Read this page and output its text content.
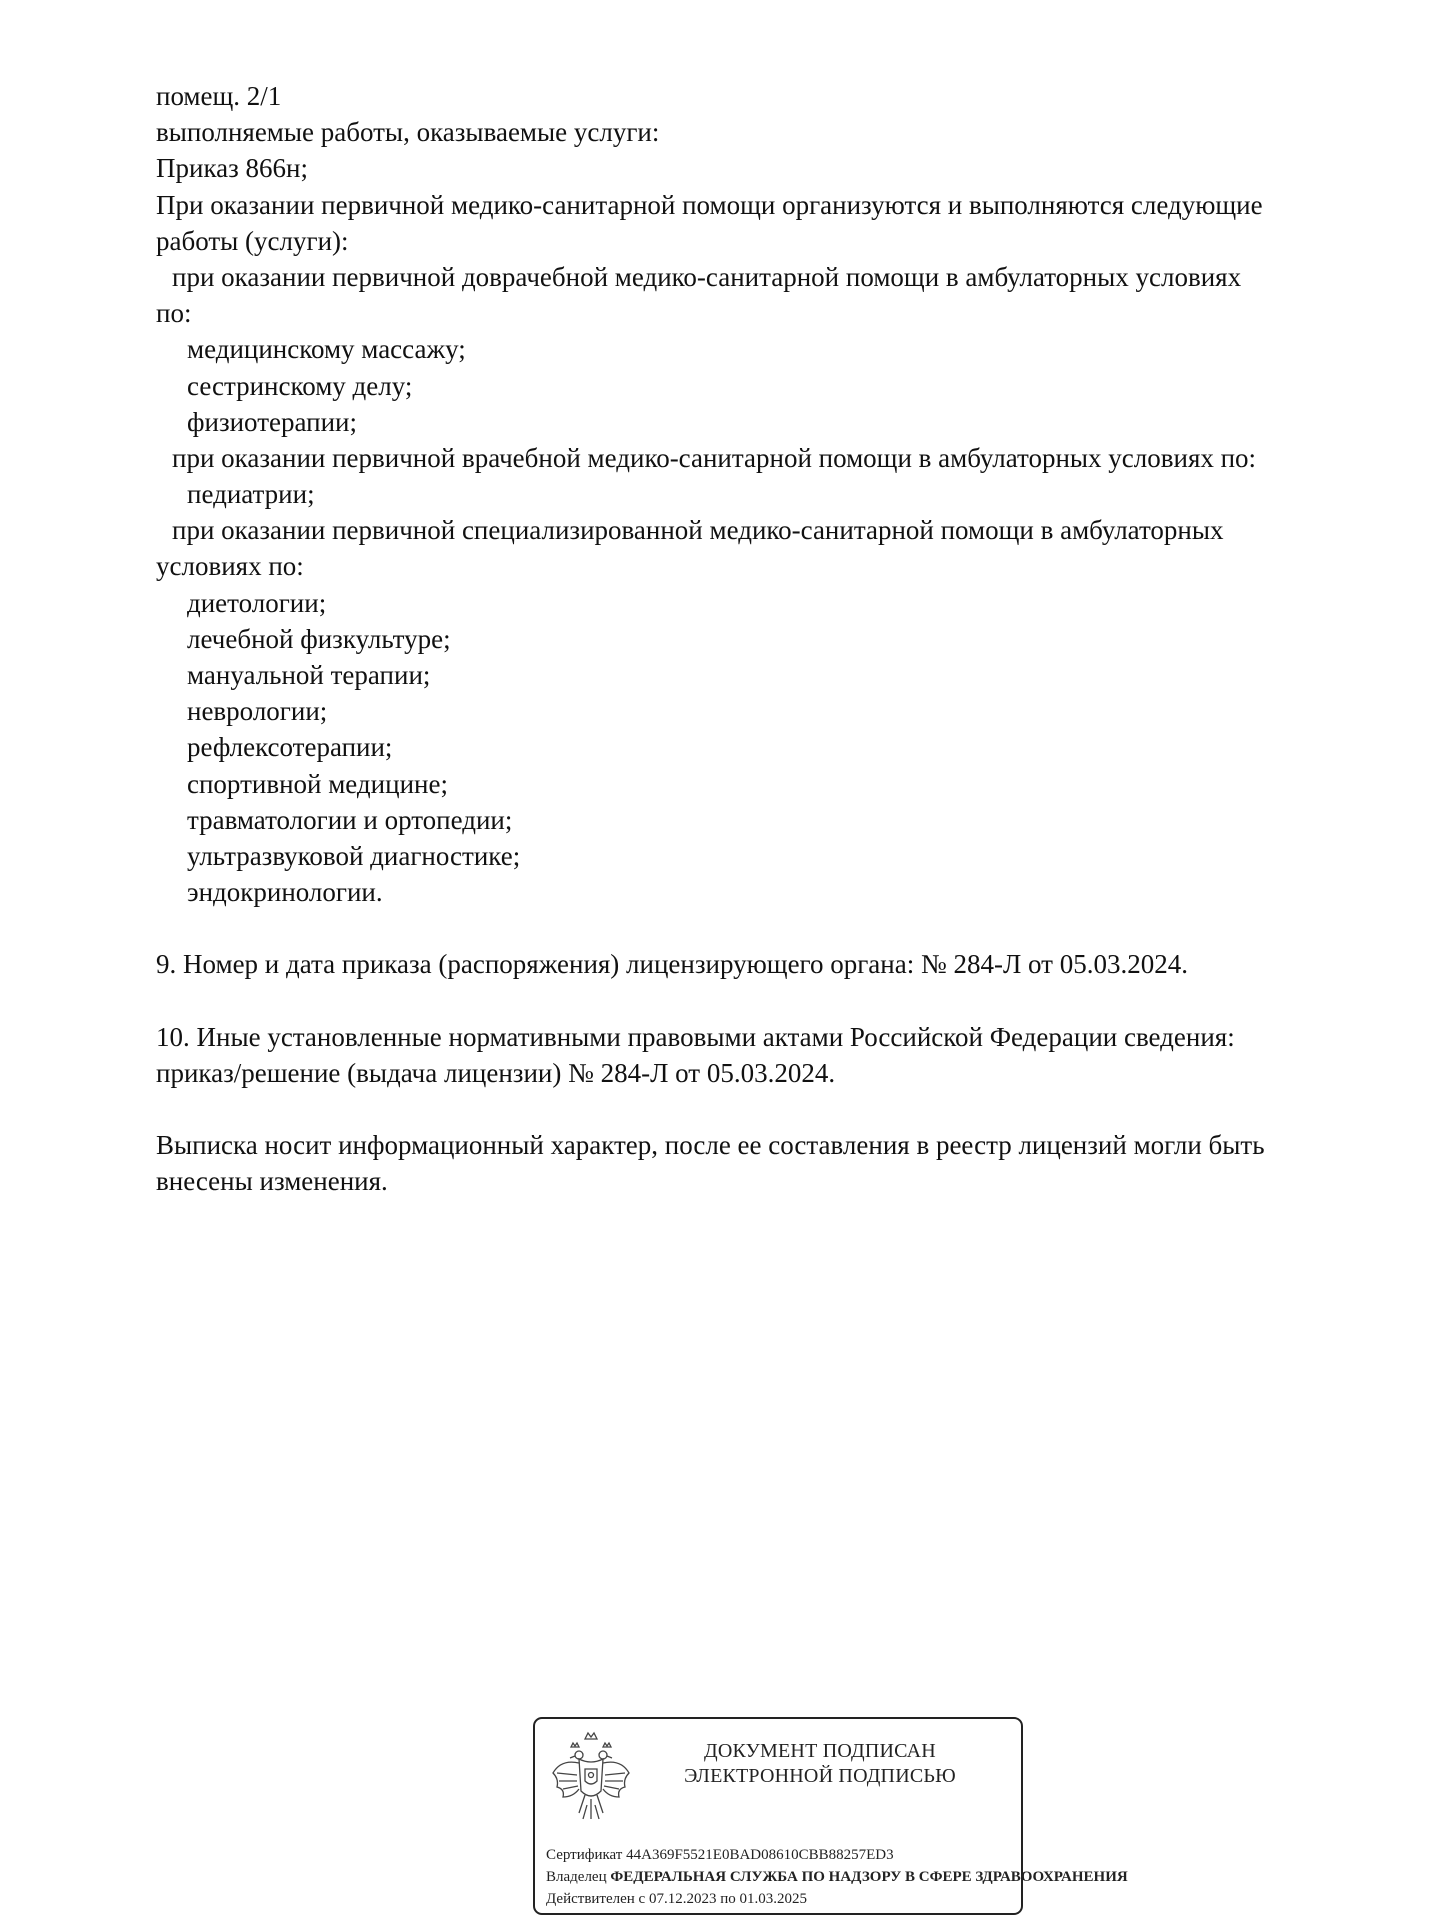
помещ. 2/1
выполняемые работы, оказываемые услуги:
Приказ 866н;
При оказании первичной медико-санитарной помощи организуются и выполняются следующие
работы (услуги):
при оказании первичной доврачебной медико-санитарной помощи в амбулаторных условиях
по:
медицинскому массажу;
сестринскому делу;
физиотерапии;
при оказании первичной врачебной медико-санитарной помощи в амбулаторных условиях по:
педиатрии;
при оказании первичной специализированной медико-санитарной помощи в амбулаторных
условиях по:
диетологии;
лечебной физкультуре;
мануальной терапии;
неврологии;
рефлексотерапии;
спортивной медицине;
травматологии и ортопедии;
ультразвуковой диагностике;
эндокринологии.
9. Номер и дата приказа (распоряжения) лицензирующего органа: № 284-Л от 05.03.2024.
10. Иные установленные нормативными правовыми актами Российской Федерации сведения:
приказ/решение (выдача лицензии) № 284-Л от 05.03.2024.
Выписка носит информационный характер, после ее составления в реестр лицензий могли быть
внесены изменения.
ДОКУМЕНТ ПОДПИСАН
ЭЛЕКТРОННОЙ ПОДПИСЬЮ
Сертификат 44A369F5521E0BAD08610CBB88257ED3
Владелец ФЕДЕРАЛЬНАЯ СЛУЖБА ПО НАДЗОРУ В СФЕРЕ ЗДРАВООХРАНЕНИЯ
Действителен с 07.12.2023 по 01.03.2025
